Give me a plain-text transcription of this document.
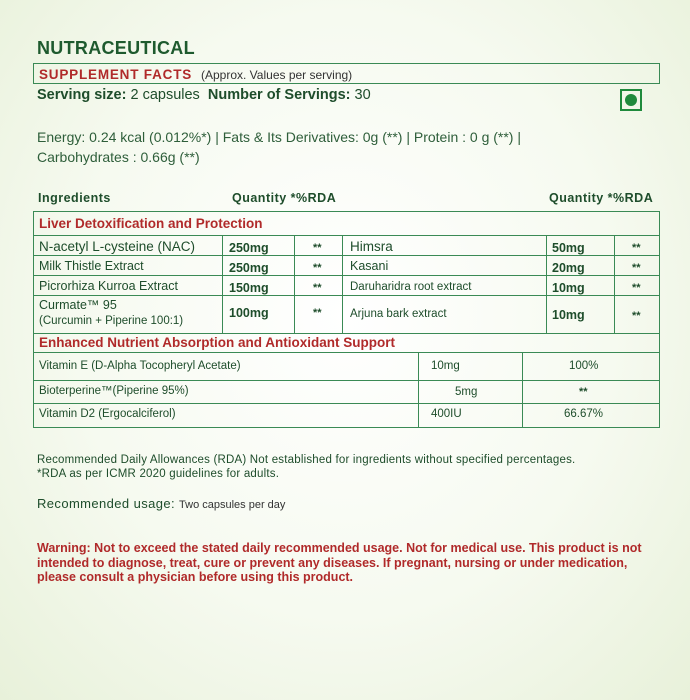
NUTRACEUTICAL
SUPPLEMENT FACTS (Approx. Values per serving)
Serving size: 2 capsules Number of Servings: 30
Energy: 0.24 kcal (0.012%*) | Fats & Its Derivatives: 0g (**) | Protein : 0 g (**) |
Carbohydrates : 0.66g (**)
Ingredients	Quantity *%RDA	Quantity *%RDA
Liver Detoxification and Protection
N-acetyl L-cysteine (NAC)	250mg	** Himsra	50mg	**
Milk Thistle Extract	250mg	** Kasani	20mg	**
Picrorhiza Kurroa Extract	150mg	** Daruharidra root extract	10mg	**
Curmate™ 95
(Curcumin + Piperine 100:1)
100mg	** Arjuna bark extract	10mg	**
Enhanced Nutrient Absorption and Antioxidant Support
Vitamin E (D-Alpha Tocopheryl Acetate)	10mg	100%
Bioterperine™(Piperine 95%)	5mg	**
Vitamin D2 (Ergocalciferol)	400IU	66.67%
Recommended Daily Allowances (RDA) Not established for ingredients without specified percentages.
*RDA as per ICMR 2020 guidelines for adults.
Recommended usage: Two capsules per day
Warning: Not to exceed the stated daily recommended usage. Not for medical use. This product is not intended to diagnose, treat, cure or prevent any diseases. If pregnant, nursing or under medication, please consult a physician before using this product.
